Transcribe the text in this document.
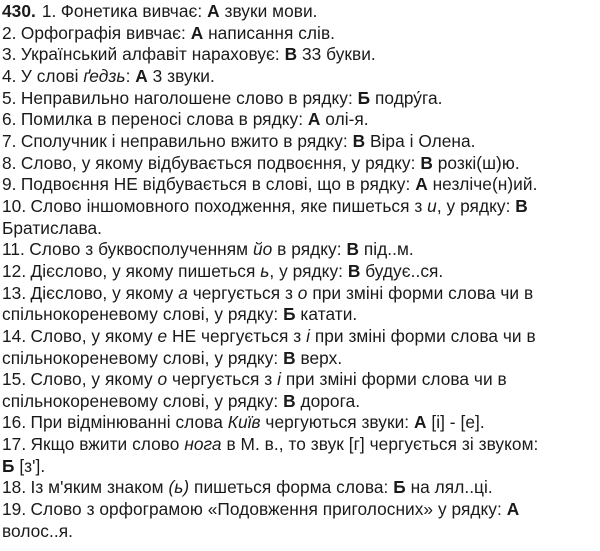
430. 1. Фонетика вивчає: А звуки мови.
2. Орфографія вивчає: А написання слів.
3. Український алфавіт нараховує: В 33 букви.
4. У слові ґедзь: А 3 звуки.
5. Неправильно наголошене слово в рядку: Б подру́га.
6. Помилка в переносі слова в рядку: А олі-я.
7. Сполучник і неправильно вжито в рядку: В Віра і Олена.
8. Слово, у якому відбувається подвоєння, у рядку: В розкі(ш)ю.
9. Подвоєння НЕ відбувається в слові, що в рядку: А незліче(н)ий.
10. Слово іншомовного походження, яке пишеться з и, у рядку: В
Братислава.
11. Слово з буквосполученням йо в рядку: В під..м.
12. Дієслово, у якому пишеться ь, у рядку: В будує..ся.
13. Дієслово, у якому а чергується з о при зміні форми слова чи в
спільнокореневому слові, у рядку: Б катати.
14. Слово, у якому е НЕ чергується з і при зміні форми слова чи в
спільнокореневому слові, у рядку: В верх.
15. Слово, у якому о чергується з і при зміні форми слова чи в
спільнокореневому слові, у рядку: В дорога.
16. При відмінюванні слова Київ чергуються звуки: А [і] - [е].
17. Якщо вжити слово нога в М. в., то звук [г] чергується зі звуком:
Б [з'].
18. Із м'яким знаком (ь) пишеться форма слова: Б на лял..ці.
19. Слово з орфограмою «Подовження приголосних» у рядку: А
волос..я.
